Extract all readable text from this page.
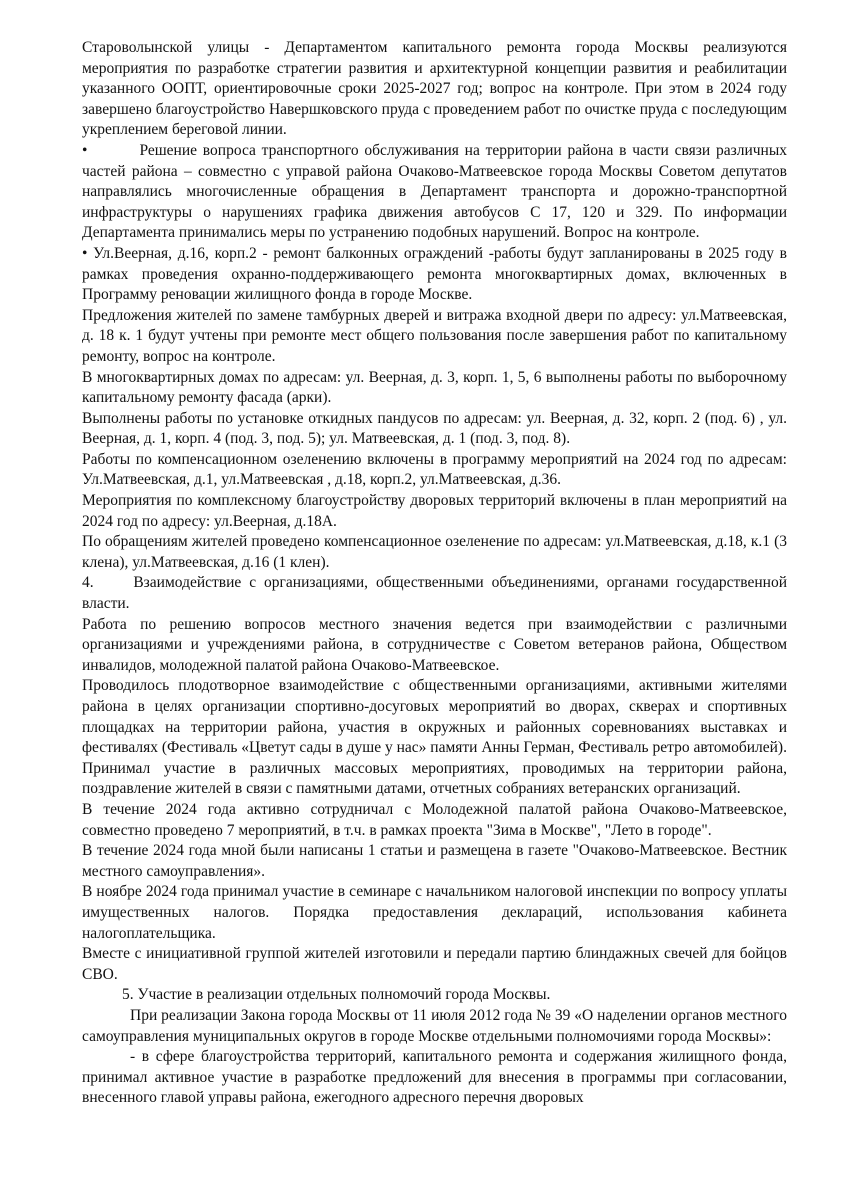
Староволынской улицы - Департаментом капитального ремонта города Москвы реализуются мероприятия по разработке стратегии развития и архитектурной концепции развития и реабилитации указанного ООПТ, ориентировочные сроки 2025-2027 год; вопрос на контроле. При этом в 2024 году завершено благоустройство Навершковского пруда с проведением работ по очистке пруда с последующим укреплением береговой линии.

•         Решение вопроса транспортного обслуживания на территории района в части связи различных частей района – совместно с управой района Очаково-Матвеевское города Москвы Советом депутатов направлялись многочисленные обращения в Департамент транспорта и дорожно-транспортной инфраструктуры о нарушениях графика движения автобусов С 17, 120 и 329. По информации Департамента принимались меры по устранению подобных нарушений. Вопрос на контроле.

• Ул.Веерная, д.16, корп.2 - ремонт балконных ограждений -работы будут запланированы в 2025 году в рамках проведения охранно-поддерживающего ремонта многоквартирных домах, включенных в Программу реновации жилищного фонда в городе Москве.

Предложения жителей по замене тамбурных дверей и витража входной двери по адресу: ул.Матвеевская, д. 18 к. 1 будут учтены при ремонте мест общего пользования после завершения работ по капитальному ремонту, вопрос на контроле.

В многоквартирных домах по адресам: ул. Веерная, д. 3, корп. 1, 5, 6 выполнены работы по выборочному капитальному ремонту фасада (арки).

Выполнены работы по установке откидных пандусов по адресам: ул. Веерная, д. 32, корп. 2 (под. 6) , ул. Веерная, д. 1, корп. 4 (под. 3, под. 5); ул. Матвеевская, д. 1 (под. 3, под. 8).

Работы по компенсационном озеленению включены в программу мероприятий на 2024 год по адресам: Ул.Матвеевская, д.1, ул.Матвеевская , д.18, корп.2, ул.Матвеевская, д.36.

Мероприятия по комплексному благоустройству дворовых территорий включены в план мероприятий на 2024 год по адресу: ул.Веерная, д.18А.

По обращениям жителей проведено компенсационное озеленение по адресам: ул.Матвеевская, д.18, к.1 (3 клена), ул.Матвеевская, д.16 (1 клен).

4.     Взаимодействие с организациями, общественными объединениями, органами государственной власти.

Работа по решению вопросов местного значения ведется при взаимодействии с различными организациями и учреждениями района, в сотрудничестве с Советом ветеранов района, Обществом инвалидов, молодежной палатой района Очаково-Матвеевское.

Проводилось плодотворное взаимодействие с общественными организациями, активными жителями района в целях организации спортивно‑досуговых мероприятий во дворах, скверах и спортивных площадках на территории района, участия в окружных и районных соревнованиях выставках и фестивалях (Фестиваль «Цветут сады в душе у нас» памяти Анны Герман, Фестиваль ретро автомобилей).

Принимал участие в различных массовых мероприятиях, проводимых на территории района, поздравление жителей в связи с памятными датами, отчетных собраниях ветеранских организаций.

В течение 2024 года активно сотрудничал с Молодежной палатой района Очаково-Матвеевское, совместно проведено 7 мероприятий, в т.ч. в рамках проекта "Зима в Москве", "Лето в городе".

В течение 2024 года мной были написаны 1 статьи и размещена в газете "Очаково-Матвеевское. Вестник местного самоуправления».

В ноябре 2024 года принимал участие в семинаре с начальником налоговой инспекции по вопросу уплаты имущественных налогов. Порядка предоставления деклараций, использования кабинета налогоплательщика.

Вместе с инициативной группой жителей изготовили и передали партию блиндажных свечей для бойцов СВО.

5. Участие в реализации отдельных полномочий города Москвы.

При реализации Закона города Москвы от 11 июля 2012 года № 39 «О наделении органов местного самоуправления муниципальных округов в городе Москве отдельными полномочиями города Москвы»:

- в сфере благоустройства территорий, капитального ремонта и содержания жилищного фонда, принимал активное участие в разработке предложений для внесения в программы при согласовании, внесенного главой управы района, ежегодного адресного перечня дворовых
